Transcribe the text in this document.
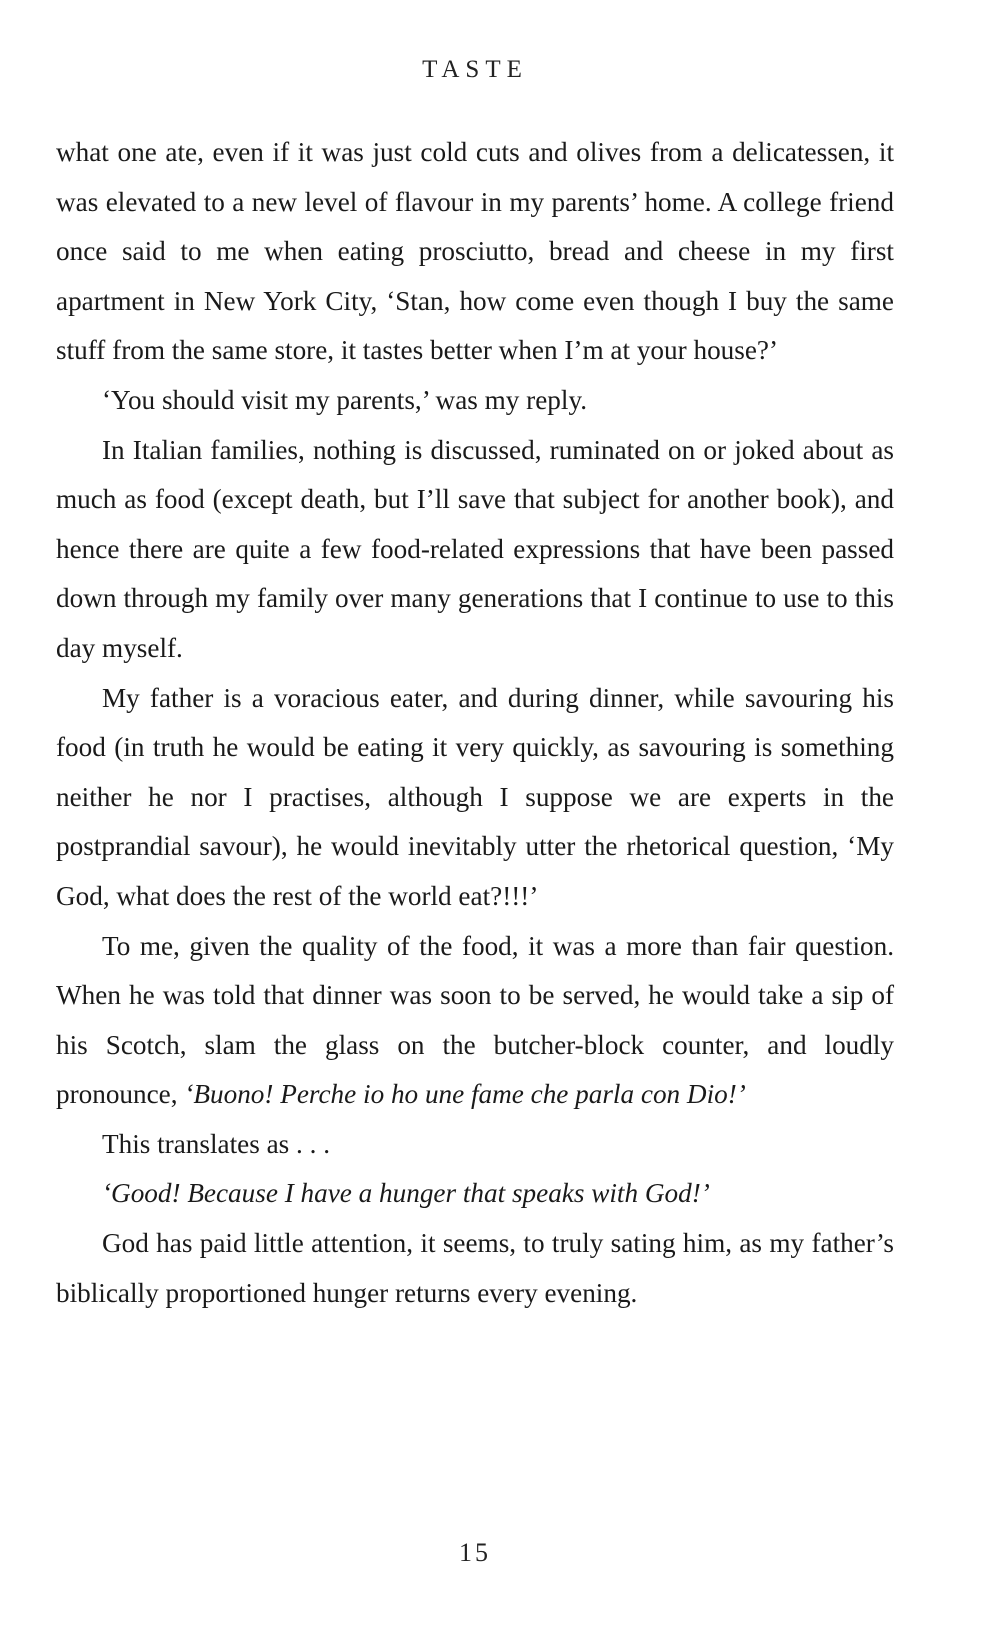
TASTE

what one ate, even if it was just cold cuts and olives from a delicatessen, it was elevated to a new level of flavour in my parents’ home. A college friend once said to me when eating prosciutto, bread and cheese in my first apartment in New York City, ‘Stan, how come even though I buy the same stuff from the same store, it tastes better when I’m at your house?’

‘You should visit my parents,’ was my reply.

In Italian families, nothing is discussed, ruminated on or joked about as much as food (except death, but I’ll save that subject for another book), and hence there are quite a few food-related expressions that have been passed down through my family over many generations that I continue to use to this day myself.

My father is a voracious eater, and during dinner, while savouring his food (in truth he would be eating it very quickly, as savouring is something neither he nor I practises, although I suppose we are experts in the postprandial savour), he would inevitably utter the rhetorical question, ‘My God, what does the rest of the world eat?!!!’

To me, given the quality of the food, it was a more than fair question. When he was told that dinner was soon to be served, he would take a sip of his Scotch, slam the glass on the butcher-block counter, and loudly pronounce, ‘Buono! Perche io ho une fame che parla con Dio!’

This translates as . . .

‘Good! Because I have a hunger that speaks with God!’

God has paid little attention, it seems, to truly sating him, as my father’s biblically proportioned hunger returns every evening.

15
